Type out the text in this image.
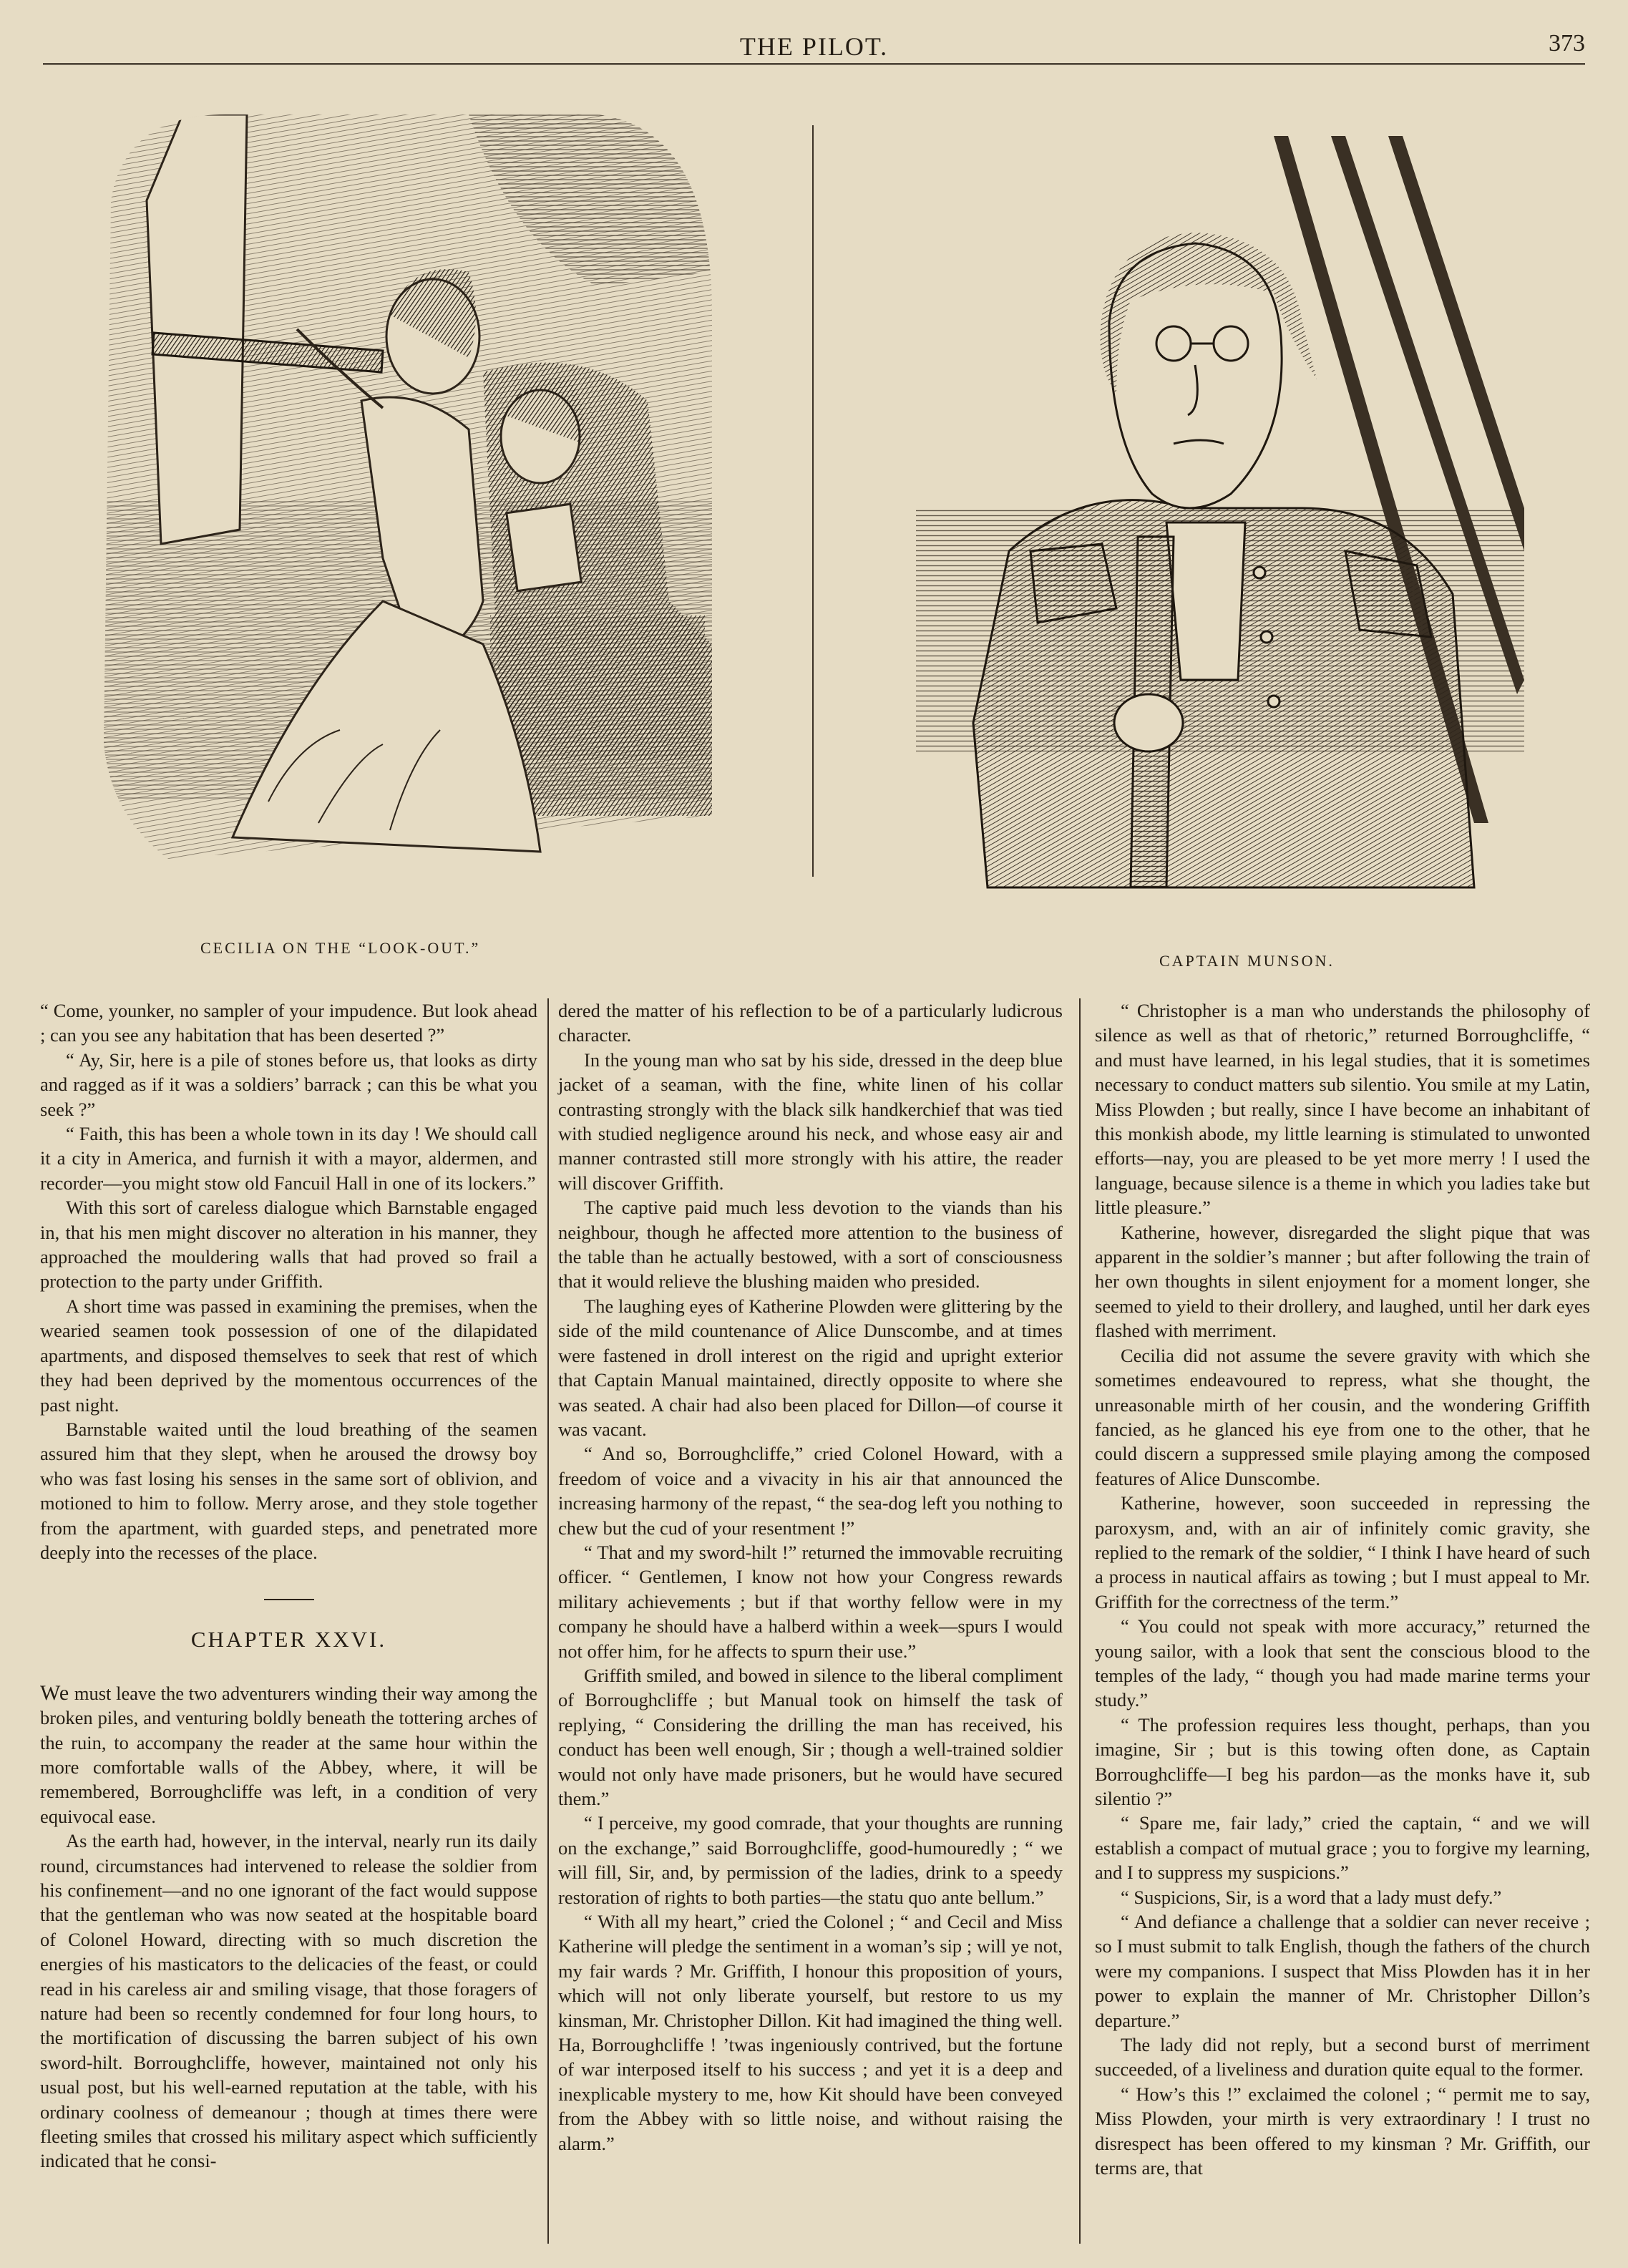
THE PILOT.	373
CECILIA ON THE “LOOK-OUT.”
CAPTAIN MUNSON.

“ Come, younker, no sampler of your impudence. But look ahead ; can you see any habitation that has been deserted ?”

“ Ay, Sir, here is a pile of stones before us, that looks as dirty and ragged as if it was a soldiers’ barrack ; can this be what you seek ?”

“ Faith, this has been a whole town in its day ! We should call it a city in America, and furnish it with a mayor, aldermen, and recorder—you might stow old Fancuil Hall in one of its lockers.”

With this sort of careless dialogue which Barnstable engaged in, that his men might discover no alteration in his manner, they approached the mouldering walls that had proved so frail a protection to the party under Griffith.

A short time was passed in examining the premises, when the wearied seamen took possession of one of the dilapidated apartments, and disposed themselves to seek that rest of which they had been deprived by the momentous occurrences of the past night.

Barnstable waited until the loud breathing of the seamen assured him that they slept, when he aroused the drowsy boy who was fast losing his senses in the same sort of oblivion, and motioned to him to follow. Merry arose, and they stole together from the apartment, with guarded steps, and penetrated more deeply into the recesses of the place.

CHAPTER XXVI.

We must leave the two adventurers winding their way among the broken piles, and venturing boldly beneath the tottering arches of the ruin, to accompany the reader at the same hour within the more comfortable walls of the Abbey, where, it will be remembered, Borroughcliffe was left, in a condition of very equivocal ease.

As the earth had, however, in the interval, nearly run its daily round, circumstances had intervened to release the soldier from his confinement—and no one ignorant of the fact would suppose that the gentleman who was now seated at the hospitable board of Colonel Howard, directing with so much discretion the energies of his masticators to the delicacies of the feast, or could read in his careless air and smiling visage, that those foragers of nature had been so recently condemned for four long hours, to the mortification of discussing the barren subject of his own sword-hilt. Borroughcliffe, however, maintained not only his usual post, but his well-earned reputation at the table, with his ordinary coolness of demeanour ; though at times there were fleeting smiles that crossed his military aspect which sufficiently indicated that he consi-

dered the matter of his reflection to be of a particularly ludicrous character.

In the young man who sat by his side, dressed in the deep blue jacket of a seaman, with the fine, white linen of his collar contrasting strongly with the black silk handkerchief that was tied with studied negligence around his neck, and whose easy air and manner contrasted still more strongly with his attire, the reader will discover Griffith.

The captive paid much less devotion to the viands than his neighbour, though he affected more attention to the business of the table than he actually bestowed, with a sort of consciousness that it would relieve the blushing maiden who presided.

The laughing eyes of Katherine Plowden were glittering by the side of the mild countenance of Alice Dunscombe, and at times were fastened in droll interest on the rigid and upright exterior that Captain Manual maintained, directly opposite to where she was seated. A chair had also been placed for Dillon—of course it was vacant.

“ And so, Borroughcliffe,” cried Colonel Howard, with a freedom of voice and a vivacity in his air that announced the increasing harmony of the repast, “ the sea-dog left you nothing to chew but the cud of your resentment !”

“ That and my sword-hilt !” returned the immovable recruiting officer. “ Gentlemen, I know not how your Congress rewards military achievements ; but if that worthy fellow were in my company he should have a halberd within a week—spurs I would not offer him, for he affects to spurn their use.”

Griffith smiled, and bowed in silence to the liberal compliment of Borroughcliffe ; but Manual took on himself the task of replying, “ Considering the drilling the man has received, his conduct has been well enough, Sir ; though a well-trained soldier would not only have made prisoners, but he would have secured them.”

“ I perceive, my good comrade, that your thoughts are running on the exchange,” said Borroughcliffe, good-humouredly ; “ we will fill, Sir, and, by permission of the ladies, drink to a speedy restoration of rights to both parties—the statu quo ante bellum.”

“ With all my heart,” cried the Colonel ; “ and Cecil and Miss Katherine will pledge the sentiment in a woman’s sip ; will ye not, my fair wards ? Mr. Griffith, I honour this proposition of yours, which will not only liberate yourself, but restore to us my kinsman, Mr. Christopher Dillon. Kit had imagined the thing well. Ha, Borroughcliffe ! ’twas ingeniously contrived, but the fortune of war interposed itself to his success ; and yet it is a deep and inexplicable mystery to me, how Kit should have been conveyed from the Abbey with so little noise, and without raising the alarm.”

“ Christopher is a man who understands the philosophy of silence as well as that of rhetoric,” returned Borroughcliffe, “ and must have learned, in his legal studies, that it is sometimes necessary to conduct matters sub silentio. You smile at my Latin, Miss Plowden ; but really, since I have become an inhabitant of this monkish abode, my little learning is stimulated to unwonted efforts—nay, you are pleased to be yet more merry ! I used the language, because silence is a theme in which you ladies take but little pleasure.”

Katherine, however, disregarded the slight pique that was apparent in the soldier’s manner ; but after following the train of her own thoughts in silent enjoyment for a moment longer, she seemed to yield to their drollery, and laughed, until her dark eyes flashed with merriment.

Cecilia did not assume the severe gravity with which she sometimes endeavoured to repress, what she thought, the unreasonable mirth of her cousin, and the wondering Griffith fancied, as he glanced his eye from one to the other, that he could discern a suppressed smile playing among the composed features of Alice Dunscombe.

Katherine, however, soon succeeded in repressing the paroxysm, and, with an air of infinitely comic gravity, she replied to the remark of the soldier, “ I think I have heard of such a process in nautical affairs as towing ; but I must appeal to Mr. Griffith for the correctness of the term.”

“ You could not speak with more accuracy,” returned the young sailor, with a look that sent the conscious blood to the temples of the lady, “ though you had made marine terms your study.”

“ The profession requires less thought, perhaps, than you imagine, Sir ; but is this towing often done, as Captain Borroughcliffe—I beg his pardon—as the monks have it, sub silentio ?”

“ Spare me, fair lady,” cried the captain, “ and we will establish a compact of mutual grace ; you to forgive my learning, and I to suppress my suspicions.”

“ Suspicions, Sir, is a word that a lady must defy.”

“ And defiance a challenge that a soldier can never receive ; so I must submit to talk English, though the fathers of the church were my companions. I suspect that Miss Plowden has it in her power to explain the manner of Mr. Christopher Dillon’s departure.”

The lady did not reply, but a second burst of merriment succeeded, of a liveliness and duration quite equal to the former.

“ How’s this !” exclaimed the colonel ; “ permit me to say, Miss Plowden, your mirth is very extraordinary ! I trust no disrespect has been offered to my kinsman ? Mr. Griffith, our terms are, that
